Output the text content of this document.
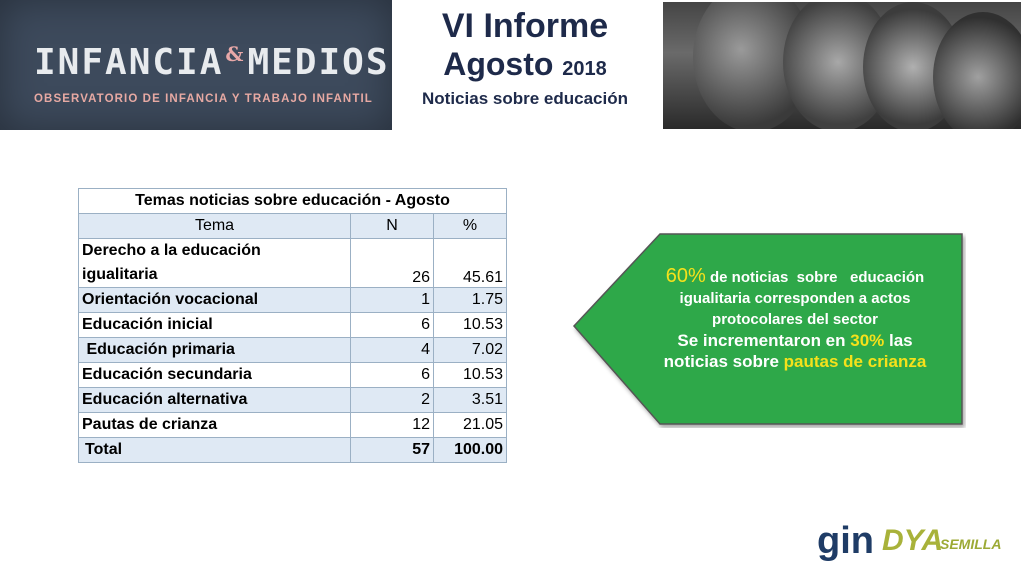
INFANCIA &MEDIOS
OBSERVATORIO DE INFANCIA Y TRABAJO INFANTIL
VI Informe
Agosto 2018
Noticias sobre educación
Temas noticias sobre educación - Agosto		
Tema	N	%

Derecho a la educación
igualitaria	26	45.61
Orientación vocacional	1	1.75
Educación inicial	6	10.53
Educación primaria	4	7.02
Educación secundaria	6	10.53
Educación alternativa	2	3.51
Pautas de crianza	12	21.05
Total	57	100.00
60% de noticias  sobre   educación
igualitaria corresponden a actos
protocolares del sector
Se incrementaron en 30% las
noticias sobre pautas de crianza
gin DYA
SEMILLA
